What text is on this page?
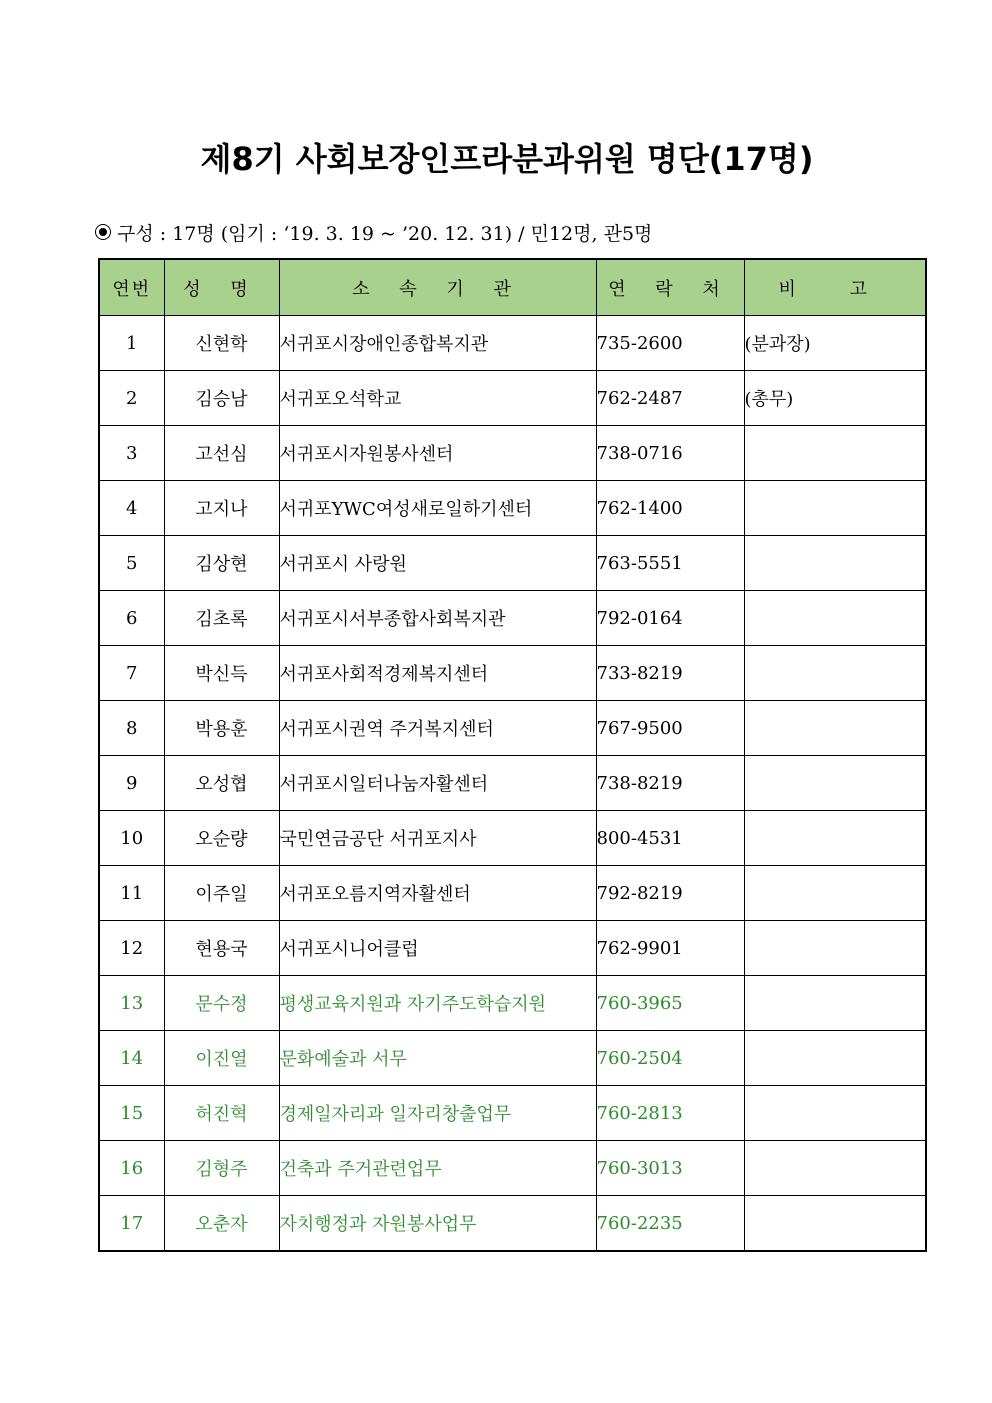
제8기 사회보장인프라분과위원 명단(17명)
구성 : 17명 (임기 : ‘19. 3. 19 ~ ’20. 12. 31) / 민12명, 관5명
연번	성 명	소 속 기 관	연 락 처	비 고
1	신현학	서귀포시장애인종합복지관	735-2600	(분과장)
2	김승남	서귀포오석학교	762-2487	(총무)
3	고선심	서귀포시자원봉사센터	738-0716	
4	고지나	서귀포YWC여성새로일하기센터	762-1400	
5	김상현	서귀포시 사랑원	763-5551	
6	김초록	서귀포시서부종합사회복지관	792-0164	
7	박신득	서귀포사회적경제복지센터	733-8219	
8	박용훈	서귀포시권역 주거복지센터	767-9500	
9	오성협	서귀포시일터나눔자활센터	738-8219	
10	오순량	국민연금공단 서귀포지사	800-4531	
11	이주일	서귀포오름지역자활센터	792-8219	
12	현용국	서귀포시니어클럽	762-9901	
13	문수정	평생교육지원과 자기주도학습지원	760-3965	
14	이진열	문화예술과 서무	760-2504	
15	허진혁	경제일자리과 일자리창출업무	760-2813	
16	김형주	건축과 주거관련업무	760-3013	
17	오춘자	자치행정과 자원봉사업무	760-2235	
